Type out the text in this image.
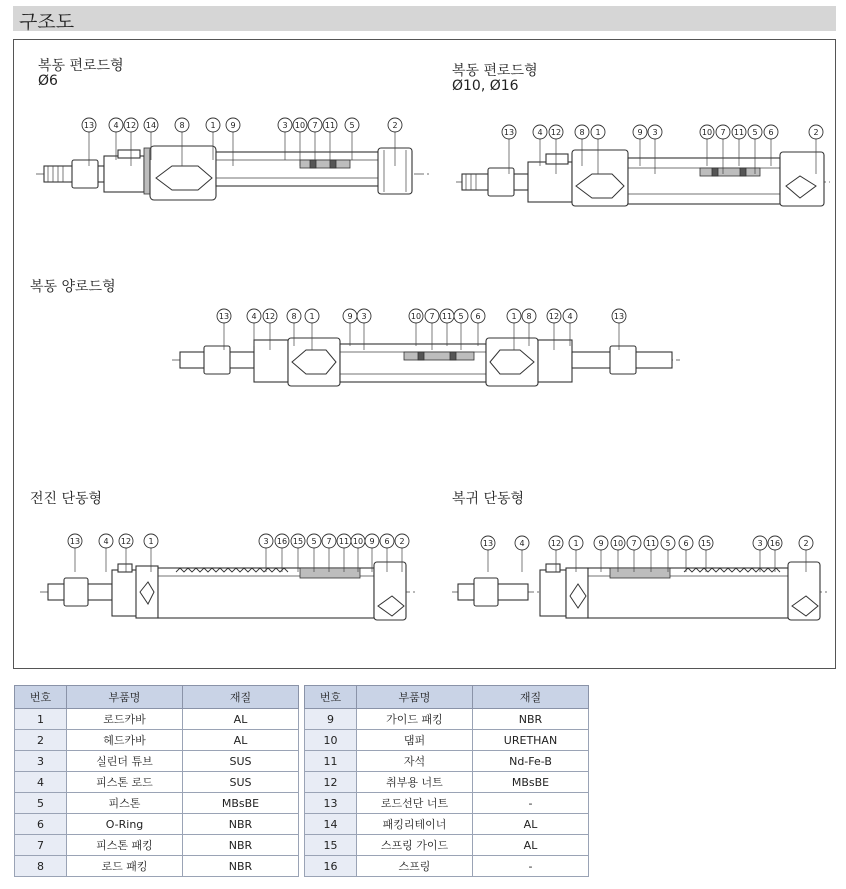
구조도
복동 편로드형
Ø6
복동 편로드형
Ø10, Ø16
복동 양로드형
전진 단동형	복귀 단동형
13 4 12 14	8	1 9	3 10 7 11 5	2
13	4 12 8 1	9 3	10 7 11 5 6	2
13	4 12 8 1	9 3	10 7 11 5 6	1 8 12 4	13
13	4 12 1	3 16 15 5 7 11 10 9 6 2	13	4	12 1 9 10 7 11 5 6 15	3 16	2
번호	부품명	재질
1	로드카바	AL
2	헤드카바	AL
3	실린더 튜브	SUS
4	피스톤 로드	SUS
5	피스톤	MBsBE
6	O-Ring	NBR
7	피스톤 패킹	NBR
8	로드 패킹	NBR
번호	부품명	재질
9	가이드 패킹	NBR
10	댐퍼	URETHAN
11	자석	Nd-Fe-B
12	취부용 너트	MBsBE
13	로드선단 너트	-
14	패킹리테이너	AL
15	스프링 가이드	AL
16	스프링	-
